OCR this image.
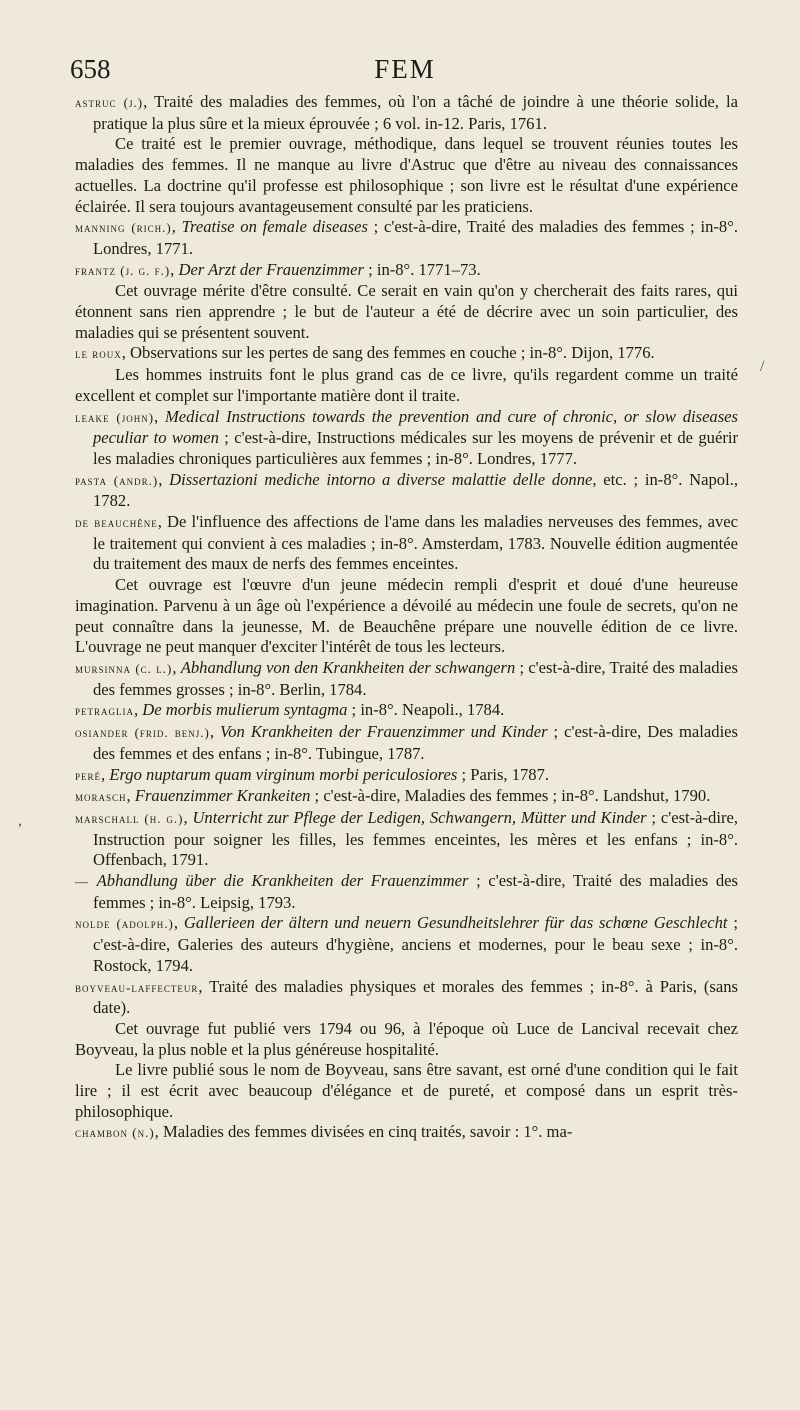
658	FEM
/
,

astruc (j.), Traité des maladies des femmes, où l'on a tâché de joindre à une théorie solide, la pratique la plus sûre et la mieux éprouvée ; 6 vol. in-12. Paris, 1761.

Ce traité est le premier ouvrage, méthodique, dans lequel se trouvent réunies toutes les maladies des femmes. Il ne manque au livre d'Astruc que d'être au niveau des connaissances actuelles. La doctrine qu'il professe est philosophique ; son livre est le résultat d'une expérience éclairée. Il sera toujours avantageusement consulté par les praticiens.

manning (rich.), Treatise on female diseases ; c'est-à-dire, Traité des maladies des femmes ; in-8°. Londres, 1771.

frantz (j. g. f.), Der Arzt der Frauenzimmer ; in-8°. 1771–73.

Cet ouvrage mérite d'être consulté. Ce serait en vain qu'on y chercherait des faits rares, qui étonnent sans rien apprendre ; le but de l'auteur a été de décrire avec un soin particulier, des maladies qui se présentent souvent.

le roux, Observations sur les pertes de sang des femmes en couche ; in-8°. Dijon, 1776.

Les hommes instruits font le plus grand cas de ce livre, qu'ils regardent comme un traité excellent et complet sur l'importante matière dont il traite.

leake (john), Medical Instructions towards the prevention and cure of chronic, or slow diseases peculiar to women ; c'est-à-dire, Instructions médicales sur les moyens de prévenir et de guérir les maladies chroniques particulières aux femmes ; in-8°. Londres, 1777.

pasta (andr.), Dissertazioni mediche intorno a diverse malattie delle donne, etc. ; in-8°. Napol., 1782.

de beauchêne, De l'influence des affections de l'ame dans les maladies nerveuses des femmes, avec le traitement qui convient à ces maladies ; in-8°. Amsterdam, 1783. Nouvelle édition augmentée du traitement des maux de nerfs des femmes enceintes.

Cet ouvrage est l'œuvre d'un jeune médecin rempli d'esprit et doué d'une heureuse imagination. Parvenu à un âge où l'expérience a dévoilé au médecin une foule de secrets, qu'on ne peut connaître dans la jeunesse, M. de Beauchêne prépare une nouvelle édition de ce livre. L'ouvrage ne peut manquer d'exciter l'intérêt de tous les lecteurs.

mursinna (c. l.), Abhandlung von den Krankheiten der schwangern ; c'est-à-dire, Traité des maladies des femmes grosses ; in-8°. Berlin, 1784.

petraglia, De morbis mulierum syntagma ; in-8°. Neapoli., 1784.

osiander (frid. benj.), Von Krankheiten der Frauenzimmer und Kinder ; c'est-à-dire, Des maladies des femmes et des enfans ; in-8°. Tubingue, 1787.

peré, Ergo nuptarum quam virginum morbi periculosiores ; Paris, 1787.

morasch, Frauenzimmer Krankeiten ; c'est-à-dire, Maladies des femmes ; in-8°. Landshut, 1790.

marschall (h. g.), Unterricht zur Pflege der Ledigen, Schwangern, Mütter und Kinder ; c'est-à-dire, Instruction pour soigner les filles, les femmes enceintes, les mères et les enfans ; in-8°. Offenbach, 1791.

— Abhandlung über die Krankheiten der Frauenzimmer ; c'est-à-dire, Traité des maladies des femmes ; in-8°. Leipsig, 1793.

nolde (adolph.), Gallerieen der ältern und neuern Gesundheitslehrer für das schœne Geschlecht ; c'est-à-dire, Galeries des auteurs d'hygiène, anciens et modernes, pour le beau sexe ; in-8°. Rostock, 1794.

boyveau-laffecteur, Traité des maladies physiques et morales des femmes ; in-8°. à Paris, (sans date).

Cet ouvrage fut publié vers 1794 ou 96, à l'époque où Luce de Lancival recevait chez Boyveau, la plus noble et la plus généreuse hospitalité.

Le livre publié sous le nom de Boyveau, sans être savant, est orné d'une condition qui le fait lire ; il est écrit avec beaucoup d'élégance et de pureté, et composé dans un esprit très-philosophique.

chambon (n.), Maladies des femmes divisées en cinq traités, savoir : 1°. ma-
